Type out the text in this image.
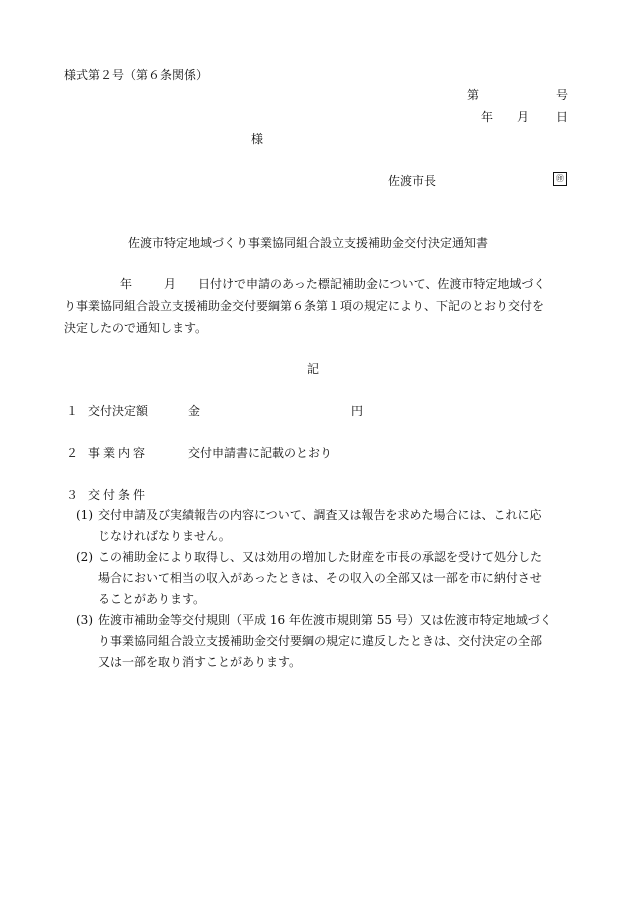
様式第２号（第６条関係）
第	号
年 月 日
様
佐渡市長	㊞
佐渡市特定地域づくり事業協同組合設立支援補助金交付決定通知書
年	月 日付けで申請のあった標記補助金について、佐渡市特定地域づく
り事業協同組合設立支援補助金交付要綱第６条第１項の規定により、下記のとおり交付を
決定したので通知します。
記
１ 交付決定額	金	円
２ 事業内容	交付申請書に記載のとおり
３ 交付条件
(1) 交付申請及び実績報告の内容について、調査又は報告を求めた場合には、これに応
じなければなりません。
(2) この補助金により取得し、又は効用の増加した財産を市長の承認を受けて処分した
場合において相当の収入があったときは、その収入の全部又は一部を市に納付させ
ることがあります。
(3) 佐渡市補助金等交付規則（平成 16 年佐渡市規則第 55 号）又は佐渡市特定地域づく
り事業協同組合設立支援補助金交付要綱の規定に違反したときは、交付決定の全部
又は一部を取り消すことがあります。
